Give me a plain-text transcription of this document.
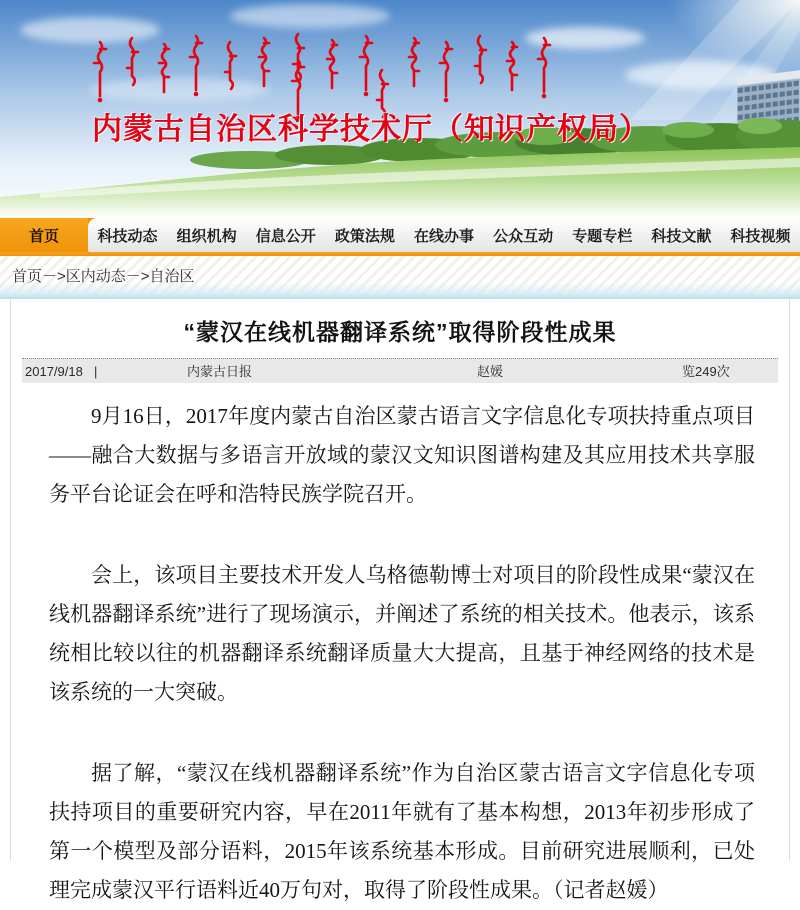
内蒙古自治区科学技术厅（知识产权局）
首页	科技动态	组织机构	信息公开	政策法规	在线办事	公众互动	专题专栏	科技文献	科技视频
首页－>区内动态－>自治区
“蒙汉在线机器翻译系统”取得阶段性成果
2017/9/18 |	内蒙古日报	赵媛	览249次

9月16日，2017年度内蒙古自治区蒙古语言文字信息化专项扶持重点项目——融合大数据与多语言开放域的蒙汉文知识图谱构建及其应用技术共享服务平台论证会在呼和浩特民族学院召开。

会上，该项目主要技术开发人乌格德勒博士对项目的阶段性成果“蒙汉在线机器翻译系统”进行了现场演示，并阐述了系统的相关技术。他表示，该系统相比较以往的机器翻译系统翻译质量大大提高，且基于神经网络的技术是该系统的一大突破。

据了解，“蒙汉在线机器翻译系统”作为自治区蒙古语言文字信息化专项扶持项目的重要研究内容，早在2011年就有了基本构想，2013年初步形成了第一个模型及部分语料，2015年该系统基本形成。目前研究进展顺利，已处理完成蒙汉平行语料近40万句对，取得了阶段性成果。（记者赵媛）
